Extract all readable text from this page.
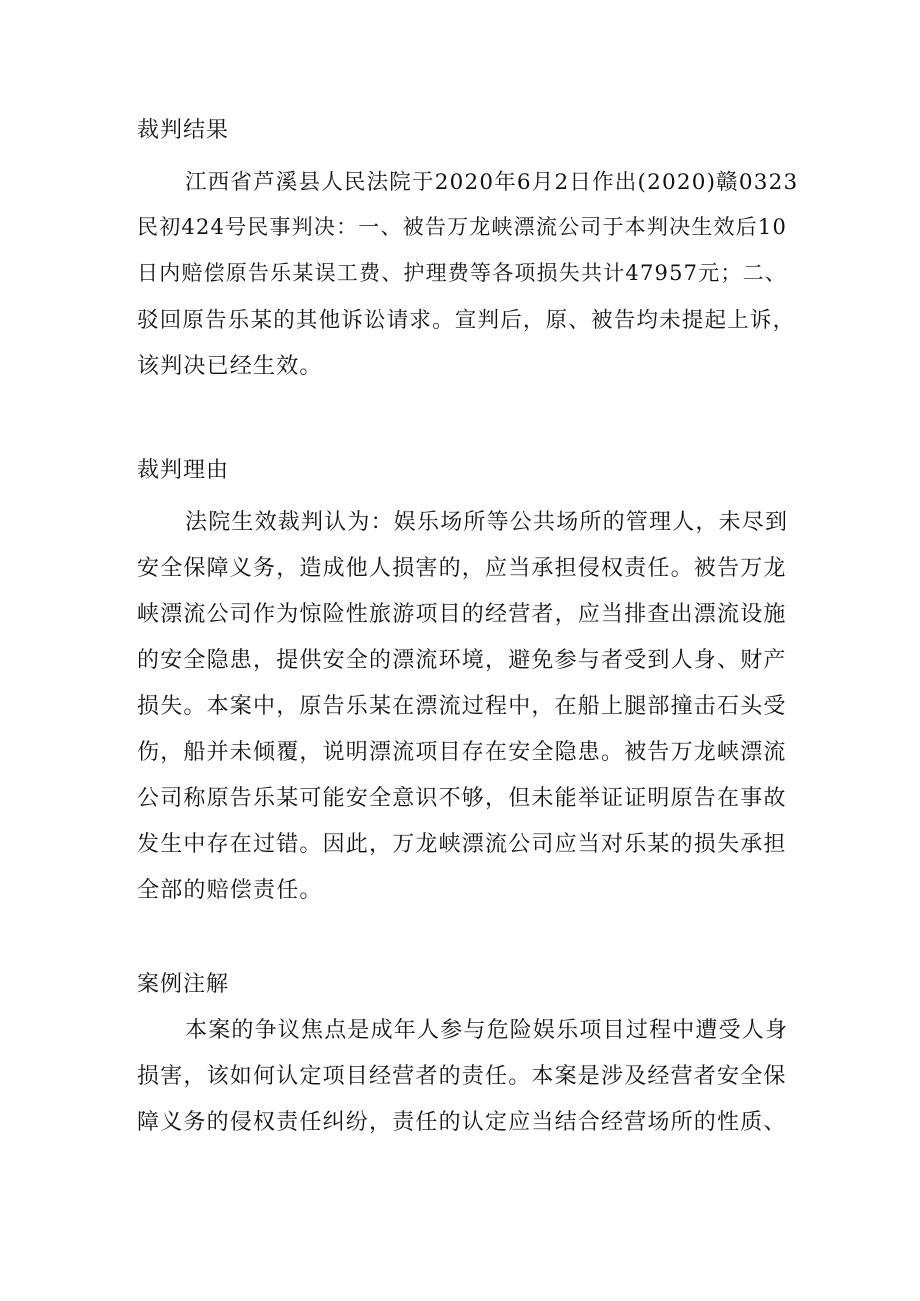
裁判结果
江西省芦溪县人民法院于2020年6月2日作出(2020)赣0323
民初424号民事判决：一、被告万龙峡漂流公司于本判决生效后10
日内赔偿原告乐某误工费、护理费等各项损失共计47957元；二、
驳回原告乐某的其他诉讼请求。宣判后，原、被告均未提起上诉，
该判决已经生效。
裁判理由
法院生效裁判认为：娱乐场所等公共场所的管理人，未尽到
安全保障义务，造成他人损害的，应当承担侵权责任。被告万龙
峡漂流公司作为惊险性旅游项目的经营者，应当排查出漂流设施
的安全隐患，提供安全的漂流环境，避免参与者受到人身、财产
损失。本案中，原告乐某在漂流过程中，在船上腿部撞击石头受
伤，船并未倾覆，说明漂流项目存在安全隐患。被告万龙峡漂流
公司称原告乐某可能安全意识不够，但未能举证证明原告在事故
发生中存在过错。因此，万龙峡漂流公司应当对乐某的损失承担
全部的赔偿责任。
案例注解
本案的争议焦点是成年人参与危险娱乐项目过程中遭受人身
损害，该如何认定项目经营者的责任。本案是涉及经营者安全保
障义务的侵权责任纠纷，责任的认定应当结合经营场所的性质、
